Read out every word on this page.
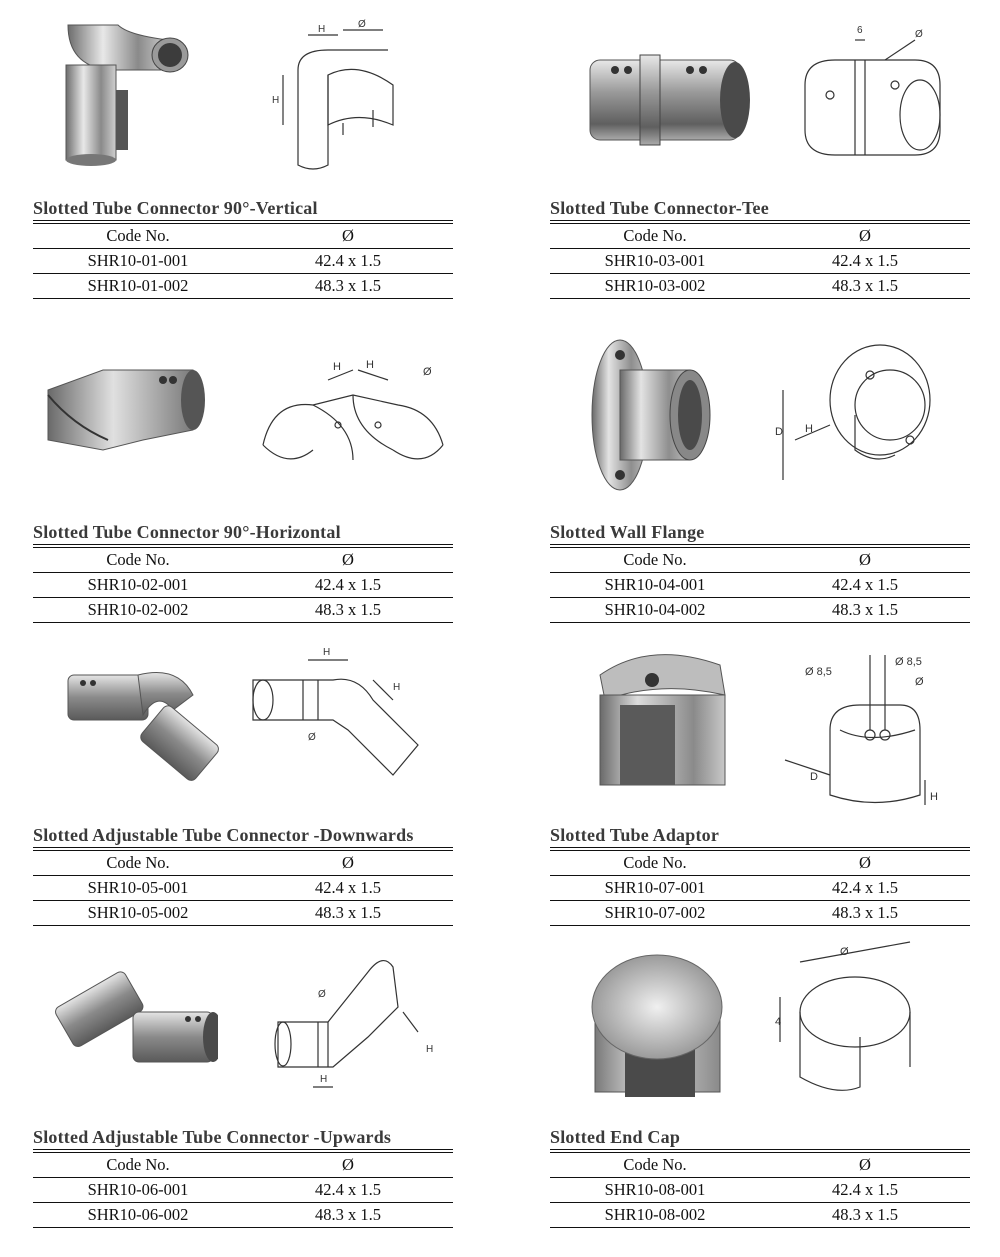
H	Ø
H
Slotted Tube Connector 90°-Vertical
Code No.	Ø
SHR10-01-001	42.4 x 1.5
SHR10-01-002	48.3 x 1.5
6	Ø
Slotted Tube Connector-Tee
Code No.	Ø
SHR10-03-001	42.4 x 1.5
SHR10-03-002	48.3 x 1.5
H H
Ø
Slotted Tube Connector 90°-Horizontal
Code No.	Ø
SHR10-02-001	42.4 x 1.5
SHR10-02-002	48.3 x 1.5
D H
Slotted Wall Flange
Code No.	Ø
SHR10-04-001	42.4 x 1.5
SHR10-04-002	48.3 x 1.5
H
H
Ø
Slotted Adjustable Tube Connector -Downwards
Code No.	Ø
SHR10-05-001	42.4 x 1.5
SHR10-05-002	48.3 x 1.5
Ø 8,5
Ø 8,5
Ø
D
H
Slotted Tube Adaptor
Code No.	Ø
SHR10-07-001	42.4 x 1.5
SHR10-07-002	48.3 x 1.5
Ø
H
H
Slotted Adjustable Tube Connector -Upwards
Code No.	Ø
SHR10-06-001	42.4 x 1.5
SHR10-06-002	48.3 x 1.5
Ø
4
Slotted End Cap
Code No.	Ø
SHR10-08-001	42.4 x 1.5
SHR10-08-002	48.3 x 1.5
